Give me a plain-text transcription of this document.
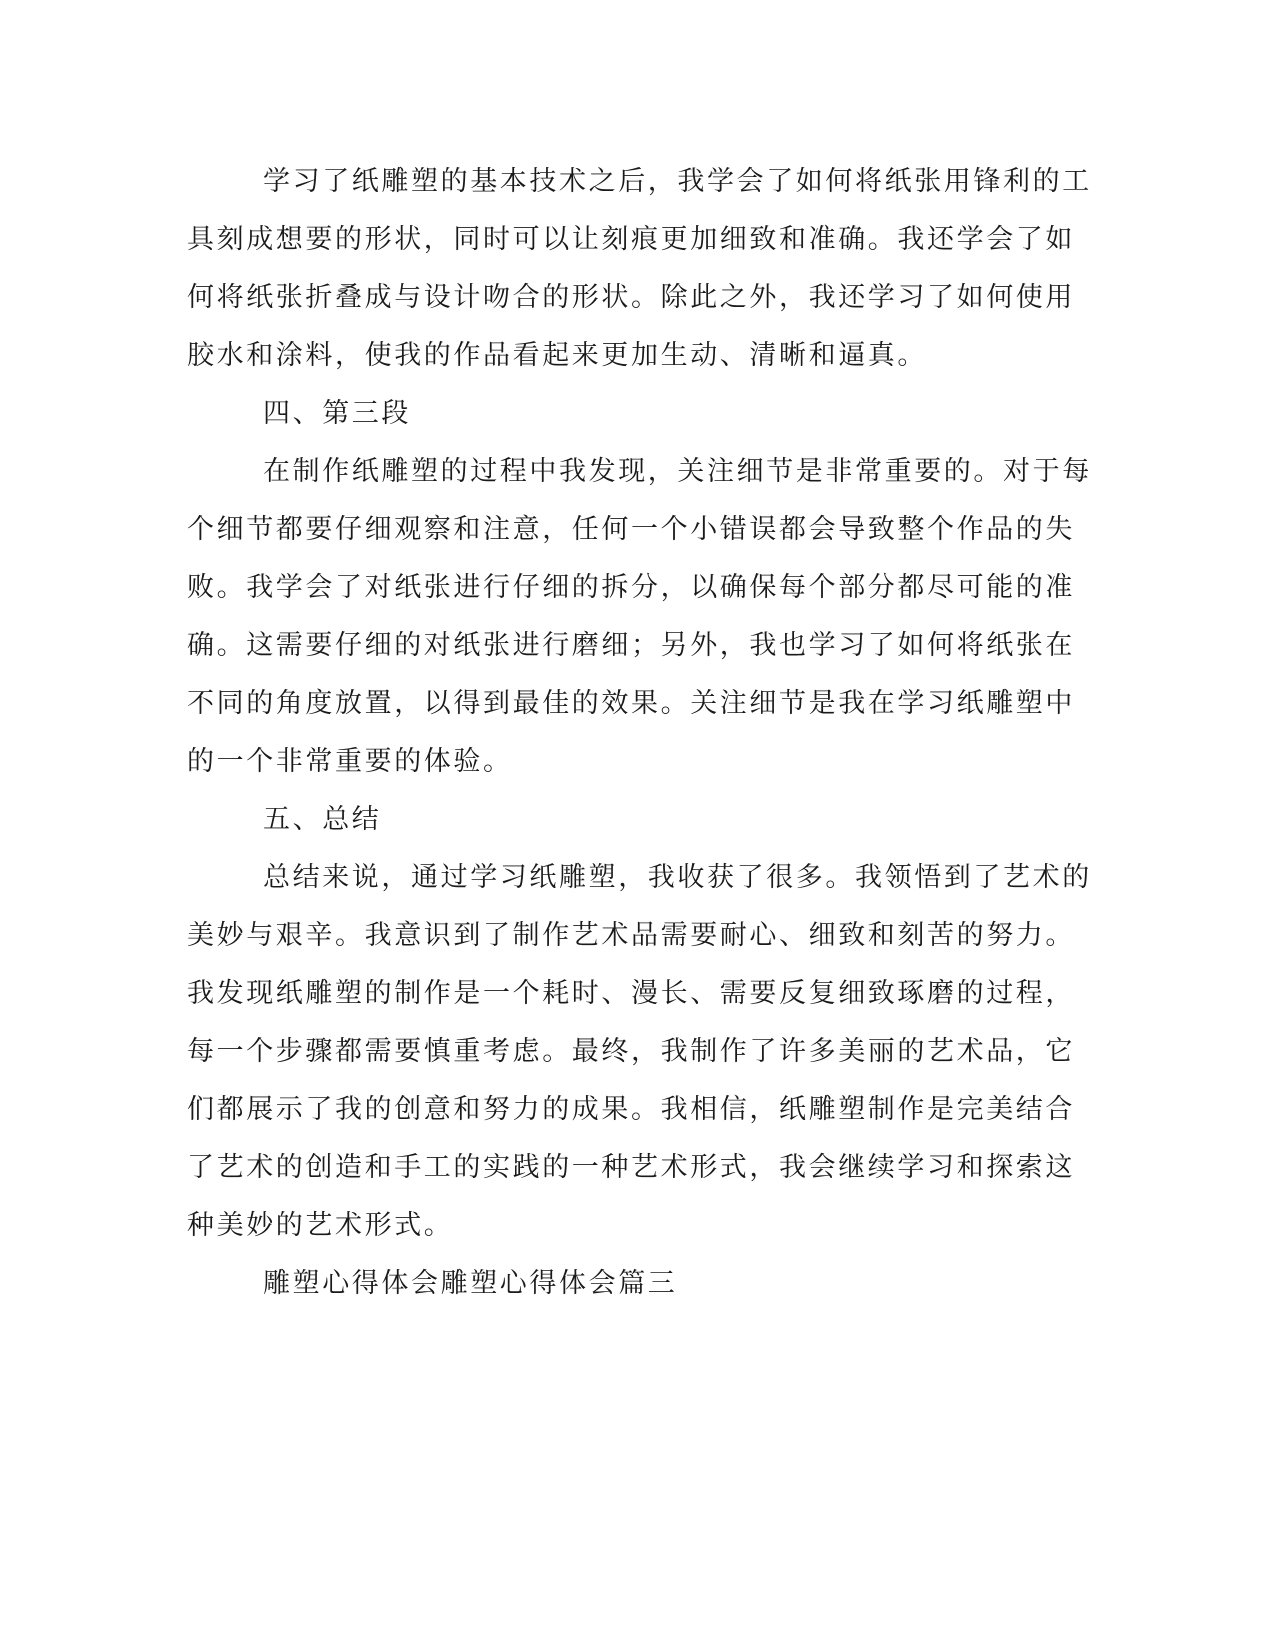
学习了纸雕塑的基本技术之后，我学会了如何将纸张用锋利的工
具刻成想要的形状，同时可以让刻痕更加细致和准确。我还学会了如
何将纸张折叠成与设计吻合的形状。除此之外，我还学习了如何使用
胶水和涂料，使我的作品看起来更加生动、清晰和逼真。
四、第三段
在制作纸雕塑的过程中我发现，关注细节是非常重要的。对于每
个细节都要仔细观察和注意，任何一个小错误都会导致整个作品的失
败。我学会了对纸张进行仔细的拆分，以确保每个部分都尽可能的准
确。这需要仔细的对纸张进行磨细；另外，我也学习了如何将纸张在
不同的角度放置，以得到最佳的效果。关注细节是我在学习纸雕塑中
的一个非常重要的体验。
五、总结
总结来说，通过学习纸雕塑，我收获了很多。我领悟到了艺术的
美妙与艰辛。我意识到了制作艺术品需要耐心、细致和刻苦的努力。
我发现纸雕塑的制作是一个耗时、漫长、需要反复细致琢磨的过程，
每一个步骤都需要慎重考虑。最终，我制作了许多美丽的艺术品，它
们都展示了我的创意和努力的成果。我相信，纸雕塑制作是完美结合
了艺术的创造和手工的实践的一种艺术形式，我会继续学习和探索这
种美妙的艺术形式。
雕塑心得体会雕塑心得体会篇三
